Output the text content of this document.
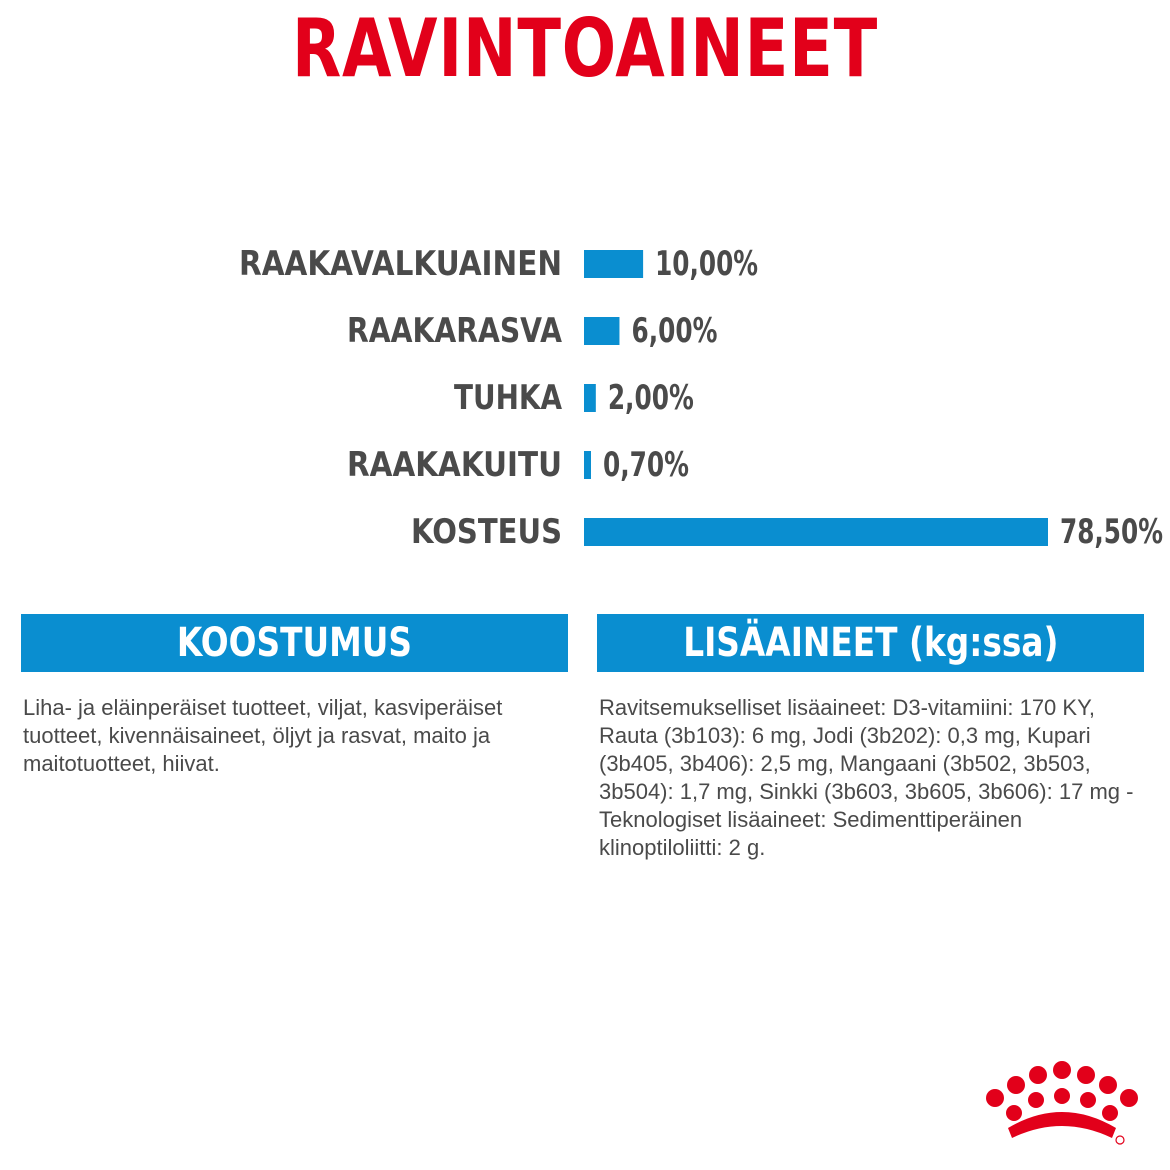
RAVINTOAINEET
RAAKAVALKUAINEN	10,00%
RAAKARASVA 6,00%
TUHKA 2,00%
RAAKAKUITU 0,70%
KOSTEUS	78,50%
KOOSTUMUS	LISÄAINEET (kg:ssa)
Liha- ja eläinperäiset tuotteet, viljat, kasviperäiset tuotteet, kivennäisaineet, öljyt ja rasvat, maito ja maitotuotteet, hiivat.
Ravitsemukselliset lisäaineet: D3-vitamiini: 170 KY, Rauta (3b103): 6 mg, Jodi (3b202): 0,3 mg, Kupari (3b405, 3b406): 2,5 mg, Mangaani (3b502, 3b503, 3b504): 1,7 mg, Sinkki (3b603, 3b605, 3b606): 17 mg - Teknologiset lisäaineet: Sedimenttiperäinen klinoptiloliitti: 2 g.
